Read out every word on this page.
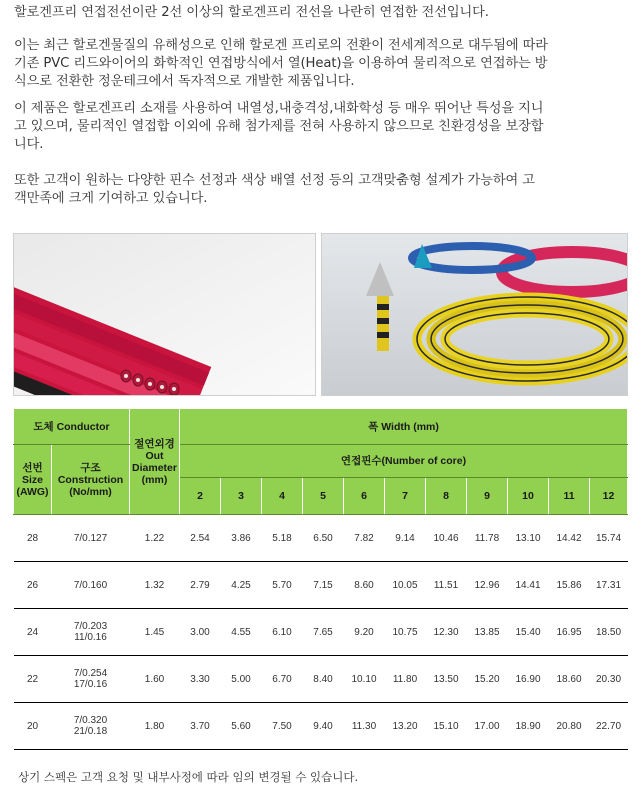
할로겐프리 연접전선이란 2선 이상의 할로겐프리 전선을 나란히 연접한 전선입니다.
이는 최근 할로겐물질의 유해성으로 인해 할로겐 프리로의 전환이 전세계적으로 대두됨에 따라
기존 PVC 리드와이어의 화학적인 연접방식에서 열(Heat)을 이용하여 물리적으로 연접하는 방
식으로 전환한 정운테크에서 독자적으로 개발한 제품입니다.
이 제품은 할로겐프리 소재를 사용하여 내열성,내충격성,내화학성 등 매우 뛰어난 특성을 지니
고 있으며, 물리적인 열접합 이외에 유해 첨가제를 전혀 사용하지 않으므로 친환경성을 보장합
니다.
또한 고객이 원하는 다양한 핀수 선정과 색상 배열 선정 등의 고객맞춤형 설계가 가능하여 고
객만족에 크게 기여하고 있습니다.
도체 Conductor		절연외경
Out
Diameter
(mm)	폭 Width (mm)										
선번
Size
(AWG)	구조
Construction
(No/mm)		연접핀수(Number of core)										
			2	3	4	5	6	7	8	9	10	11	12
28	7/0.127	1.22	2.54	3.86	5.18	6.50	7.82	9.14	10.46	11.78	13.10	14.42	15.74
26	7/0.160	1.32	2.79	4.25	5.70	7.15	8.60	10.05	11.51	12.96	14.41	15.86	17.31
24	7/0.203
11/0.16	1.45	3.00	4.55	6.10	7.65	9.20	10.75	12.30	13.85	15.40	16.95	18.50
22	7/0.254
17/0.16	1.60	3.30	5.00	6.70	8.40	10.10	11.80	13.50	15.20	16.90	18.60	20.30
20	7/0.320
21/0.18	1.80	3.70	5.60	7.50	9.40	11.30	13.20	15.10	17.00	18.90	20.80	22.70
상기 스펙은 고객 요청 및 내부사정에 따라 임의 변경될 수 있습니다.
